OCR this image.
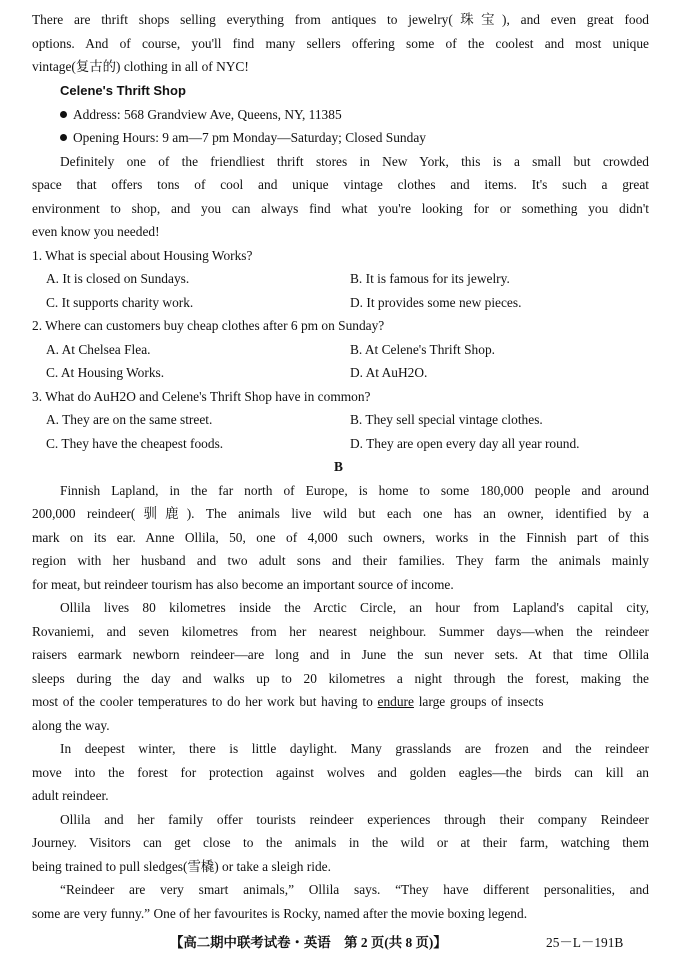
There are thrift shops selling everything from antiques to jewelry(珠宝), and even great food
options. And of course, you'll find many sellers offering some of the coolest and most unique
vintage(复古的) clothing in all of NYC!
Celene's Thrift Shop
Address: 568 Grandview Ave, Queens, NY, 11385
Opening Hours: 9 am—7 pm Monday—Saturday; Closed Sunday
Definitely one of the friendliest thrift stores in New York, this is a small but crowded
space that offers tons of cool and unique vintage clothes and items. It's such a great
environment to shop, and you can always find what you're looking for or something you didn't
even know you needed!
1. What is special about Housing Works?
A. It is closed on Sundays.	B. It is famous for its jewelry.
C. It supports charity work.	D. It provides some new pieces.
2. Where can customers buy cheap clothes after 6 pm on Sunday?
A. At Chelsea Flea.	B. At Celene's Thrift Shop.
C. At Housing Works.	D. At AuH2O.
3. What do AuH2O and Celene's Thrift Shop have in common?
A. They are on the same street.	B. They sell special vintage clothes.
C. They have the cheapest foods.	D. They are open every day all year round.
B
Finnish Lapland, in the far north of Europe, is home to some 180,000 people and around
200,000 reindeer(驯鹿). The animals live wild but each one has an owner, identified by a
mark on its ear. Anne Ollila, 50, one of 4,000 such owners, works in the Finnish part of this
region with her husband and two adult sons and their families. They farm the animals mainly
for meat, but reindeer tourism has also become an important source of income.
Ollila lives 80 kilometres inside the Arctic Circle, an hour from Lapland's capital city,
Rovaniemi, and seven kilometres from her nearest neighbour. Summer days—when the reindeer
raisers earmark newborn reindeer—are long and in June the sun never sets. At that time Ollila
sleeps during the day and walks up to 20 kilometres a night through the forest, making the
most of the cooler temperatures to do her work but having to endure large groups of insects
along the way.
In deepest winter, there is little daylight. Many grasslands are frozen and the reindeer
move into the forest for protection against wolves and golden eagles—the birds can kill an
adult reindeer.
Ollila and her family offer tourists reindeer experiences through their company Reindeer
Journey. Visitors can get close to the animals in the wild or at their farm, watching them
being trained to pull sledges(雪橇) or take a sleigh ride.
“Reindeer are very smart animals,” Ollila says. “They have different personalities, and
some are very funny.” One of her favourites is Rocky, named after the movie boxing legend.
【高二期中联考试卷・英语　第 2 页(共 8 页)】	25－L－191B
